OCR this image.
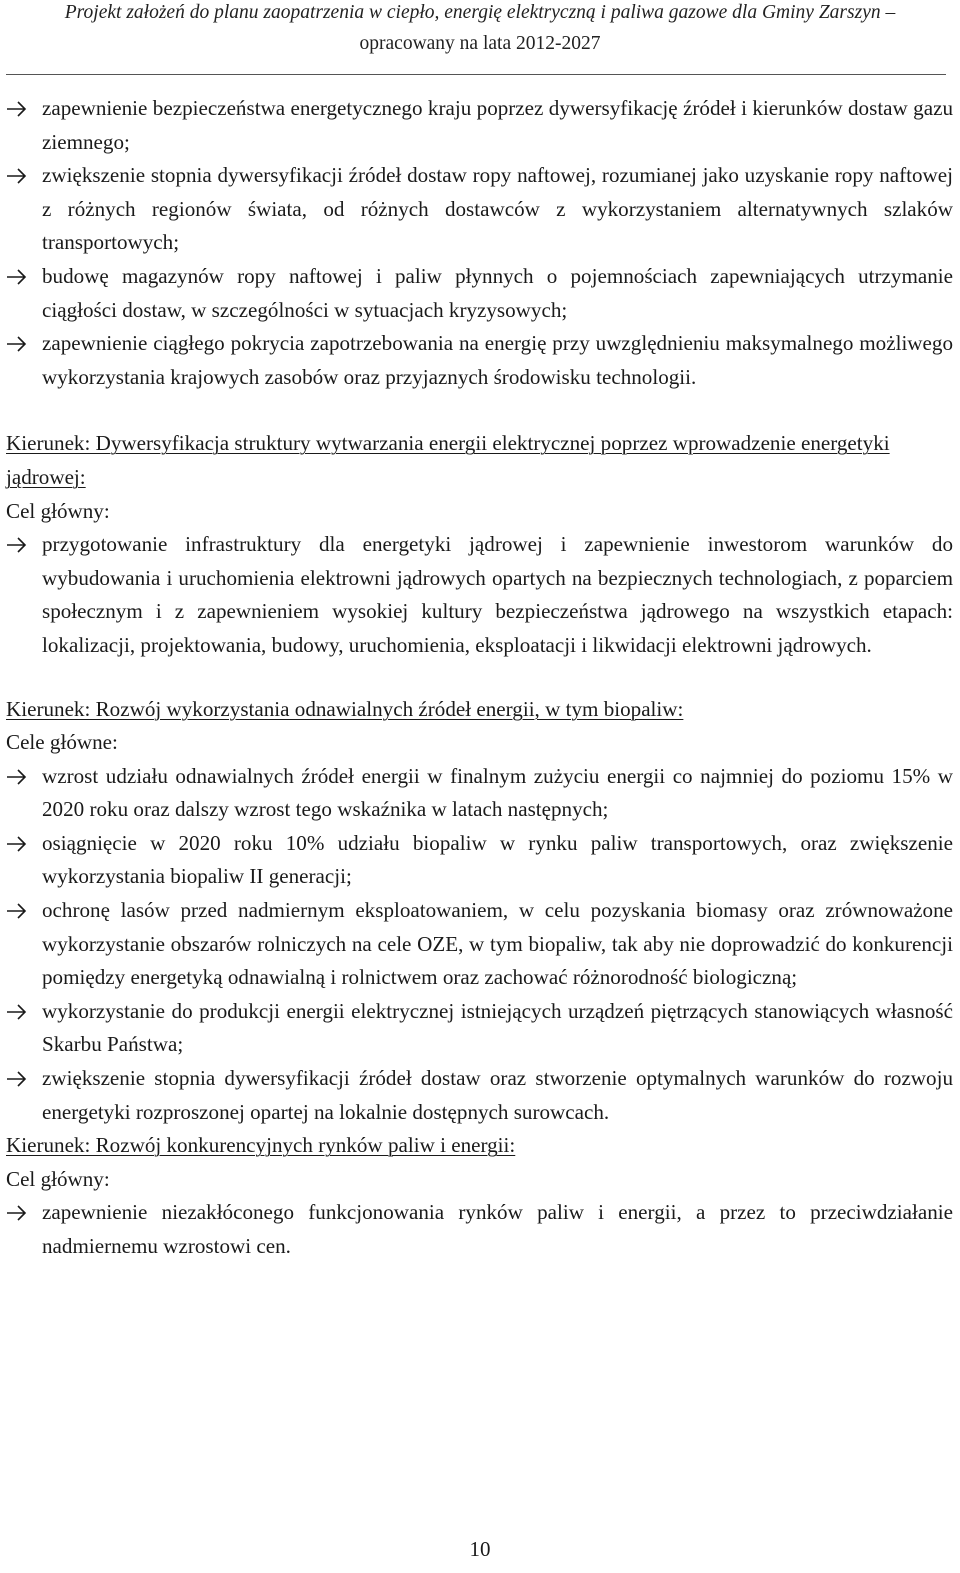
Projekt założeń do planu zaopatrzenia w ciepło, energię elektryczną i paliwa gazowe dla Gminy Zarszyn –
opracowany na lata 2012-2027
zapewnienie bezpieczeństwa energetycznego kraju poprzez dywersyfikację źródeł i kierunków dostaw gazu ziemnego;
zwiększenie stopnia dywersyfikacji źródeł dostaw ropy naftowej, rozumianej jako uzyskanie ropy naftowej z różnych regionów świata, od różnych dostawców z wykorzystaniem alternatywnych szlaków transportowych;
budowę magazynów ropy naftowej i paliw płynnych o pojemnościach zapewniających utrzymanie ciągłości dostaw, w szczególności w sytuacjach kryzysowych;
zapewnienie ciągłego pokrycia zapotrzebowania na energię przy uwzględnieniu maksymalnego możliwego wykorzystania krajowych zasobów oraz przyjaznych środowisku technologii.
Kierunek: Dywersyfikacja struktury wytwarzania energii elektrycznej poprzez wprowadzenie energetyki jądrowej:
Cel główny:
przygotowanie infrastruktury dla energetyki jądrowej i zapewnienie inwestorom warunków do wybudowania i uruchomienia elektrowni jądrowych opartych na bezpiecznych technologiach, z poparciem społecznym i z zapewnieniem wysokiej kultury bezpieczeństwa jądrowego na wszystkich etapach: lokalizacji, projektowania, budowy, uruchomienia, eksploatacji i likwidacji elektrowni jądrowych.
Kierunek: Rozwój wykorzystania odnawialnych źródeł energii, w tym biopaliw:
Cele główne:
wzrost udziału odnawialnych źródeł energii w finalnym zużyciu energii co najmniej do poziomu 15% w 2020 roku oraz dalszy wzrost tego wskaźnika w latach następnych;
osiągnięcie w 2020 roku 10% udziału biopaliw w rynku paliw transportowych, oraz zwiększenie wykorzystania biopaliw II generacji;
ochronę lasów przed nadmiernym eksploatowaniem, w celu pozyskania biomasy oraz zrównoważone wykorzystanie obszarów rolniczych na cele OZE, w tym biopaliw, tak aby nie doprowadzić do konkurencji pomiędzy energetyką odnawialną i rolnictwem oraz zachować różnorodność biologiczną;
wykorzystanie do produkcji energii elektrycznej istniejących urządzeń piętrzących stanowiących własność Skarbu Państwa;
zwiększenie stopnia dywersyfikacji źródeł dostaw oraz stworzenie optymalnych warunków do rozwoju energetyki rozproszonej opartej na lokalnie dostępnych surowcach.
Kierunek: Rozwój konkurencyjnych rynków paliw i energii:
Cel główny:
zapewnienie niezakłóconego funkcjonowania rynków paliw i energii, a przez to przeciwdziałanie nadmiernemu wzrostowi cen.
10
